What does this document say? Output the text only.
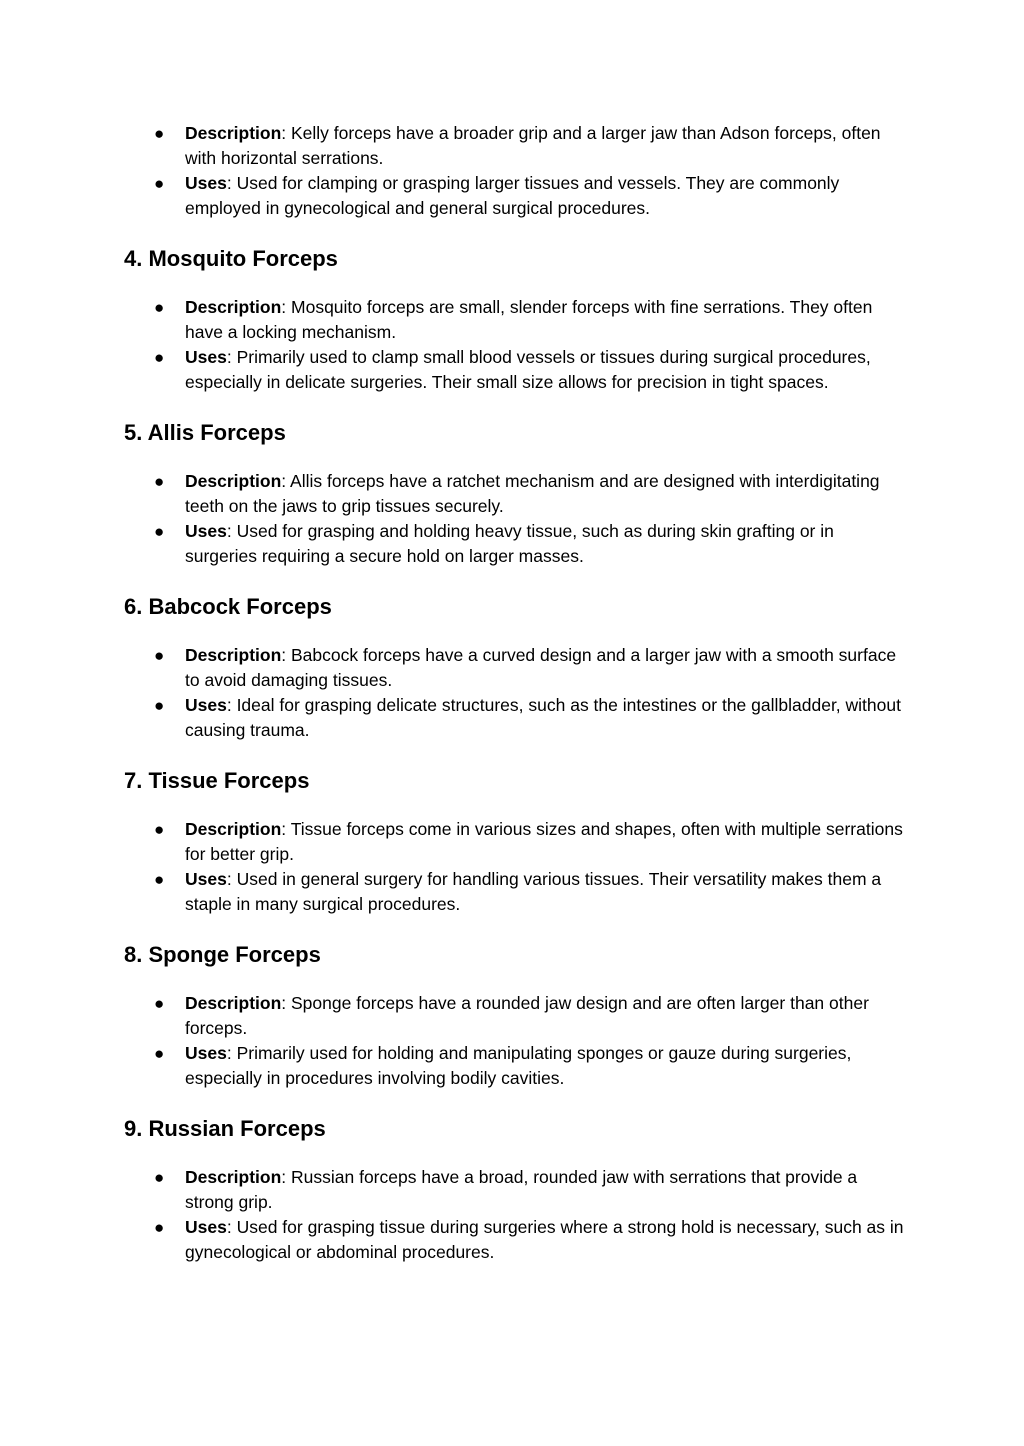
● Description: Kelly forceps have a broader grip and a larger jaw than Adson forceps, often with horizontal serrations.
● Uses: Used for clamping or grasping larger tissues and vessels. They are commonly employed in gynecological and general surgical procedures.
4. Mosquito Forceps
● Description: Mosquito forceps are small, slender forceps with fine serrations. They often have a locking mechanism.
● Uses: Primarily used to clamp small blood vessels or tissues during surgical procedures, especially in delicate surgeries. Their small size allows for precision in tight spaces.
5. Allis Forceps
● Description: Allis forceps have a ratchet mechanism and are designed with interdigitating teeth on the jaws to grip tissues securely.
● Uses: Used for grasping and holding heavy tissue, such as during skin grafting or in surgeries requiring a secure hold on larger masses.
6. Babcock Forceps
● Description: Babcock forceps have a curved design and a larger jaw with a smooth surface to avoid damaging tissues.
● Uses: Ideal for grasping delicate structures, such as the intestines or the gallbladder, without causing trauma.
7. Tissue Forceps
● Description: Tissue forceps come in various sizes and shapes, often with multiple serrations for better grip.
● Uses: Used in general surgery for handling various tissues. Their versatility makes them a staple in many surgical procedures.
8. Sponge Forceps
● Description: Sponge forceps have a rounded jaw design and are often larger than other forceps.
● Uses: Primarily used for holding and manipulating sponges or gauze during surgeries, especially in procedures involving bodily cavities.
9. Russian Forceps
● Description: Russian forceps have a broad, rounded jaw with serrations that provide a strong grip.
● Uses: Used for grasping tissue during surgeries where a strong hold is necessary, such as in gynecological or abdominal procedures.
